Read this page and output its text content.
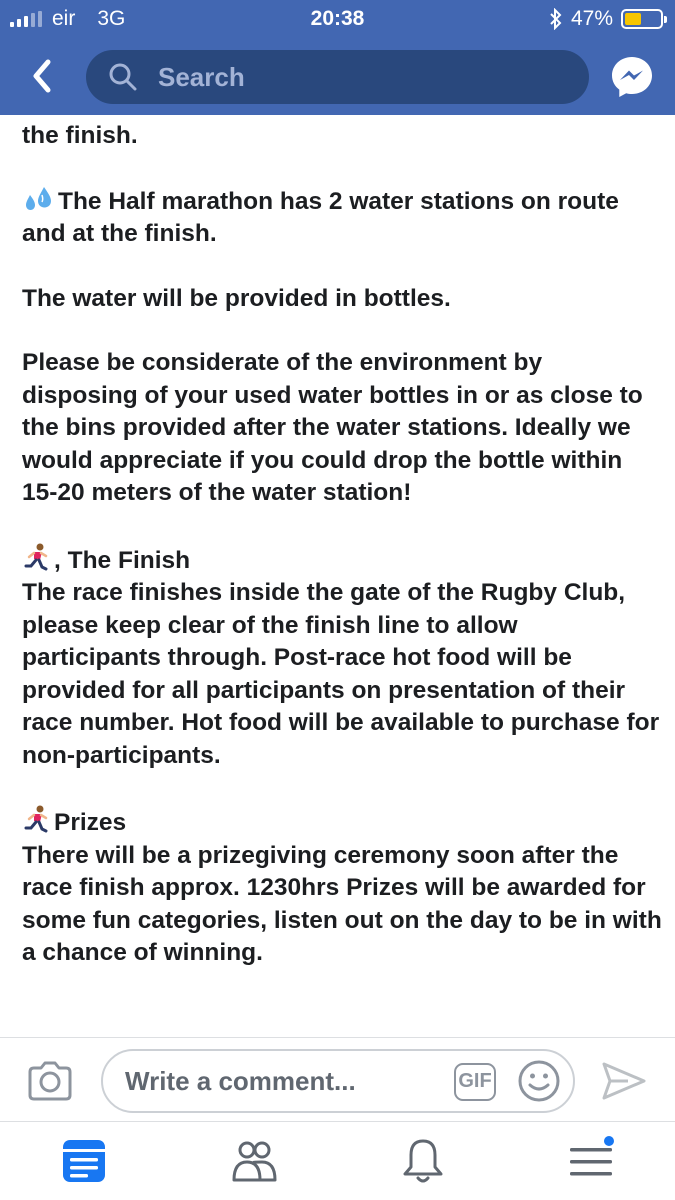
eir 3G	20:38	47%
Search
the finish.
The Half marathon has 2 water stations on route and at the finish.
The water will be provided in bottles.
Please be considerate of the environment by disposing of your used water bottles in or as close to the bins provided after the water stations. Ideally we would appreciate if you could drop the bottle within 15-20 meters of the water station!
, The Finish
The race finishes inside the gate of the Rugby Club, please keep clear of the finish line to allow participants through. Post-race hot food will be provided for all participants on presentation of their race number. Hot food will be available to purchase for non-participants.
Prizes
There will be a prizegiving ceremony soon after the race finish approx. 1230hrs Prizes will be awarded for some fun categories, listen out on the day to be in with a chance of winning.
Write a comment...	GIF
